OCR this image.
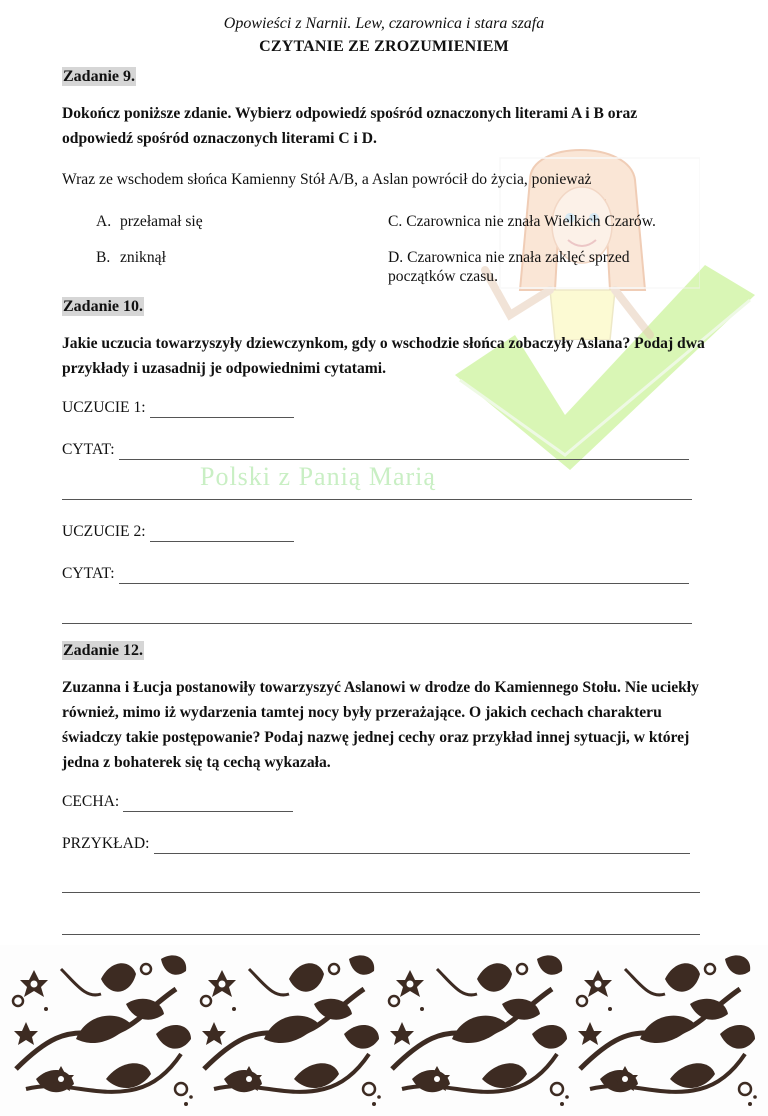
Polski z Panią Marią
Opowieści z Narnii. Lew, czarownica i stara szafa
CZYTANIE ZE ZROZUMIENIEM
Zadanie 9.
Dokończ poniższe zdanie. Wybierz odpowiedź spośród oznaczonych literami A i B oraz odpowiedź spośród oznaczonych literami C i D.
Wraz ze wschodem słońca Kamienny Stół A/B, a Aslan powrócił do życia, ponieważ
A. przełamał się
B. zniknął
C. Czarownica nie znała Wielkich Czarów.
D. Czarownica nie znała zaklęć sprzed początków czasu.
Zadanie 10.
Jakie uczucia towarzyszyły dziewczynkom, gdy o wschodzie słońca zobaczyły Aslana? Podaj dwa przykłady i uzasadnij je odpowiednimi cytatami.
UCZUCIE 1:
CYTAT:
UCZUCIE 2:
CYTAT:
Zadanie 12.
Zuzanna i Łucja postanowiły towarzyszyć Aslanowi w drodze do Kamiennego Stołu. Nie uciekły również, mimo iż wydarzenia tamtej nocy były przerażające. O jakich cechach charakteru świadczy takie postępowanie? Podaj nazwę jednej cechy oraz przykład innej sytuacji, w której jedna z bohaterek się tą cechą wykazała.
CECHA:
PRZYKŁAD:
